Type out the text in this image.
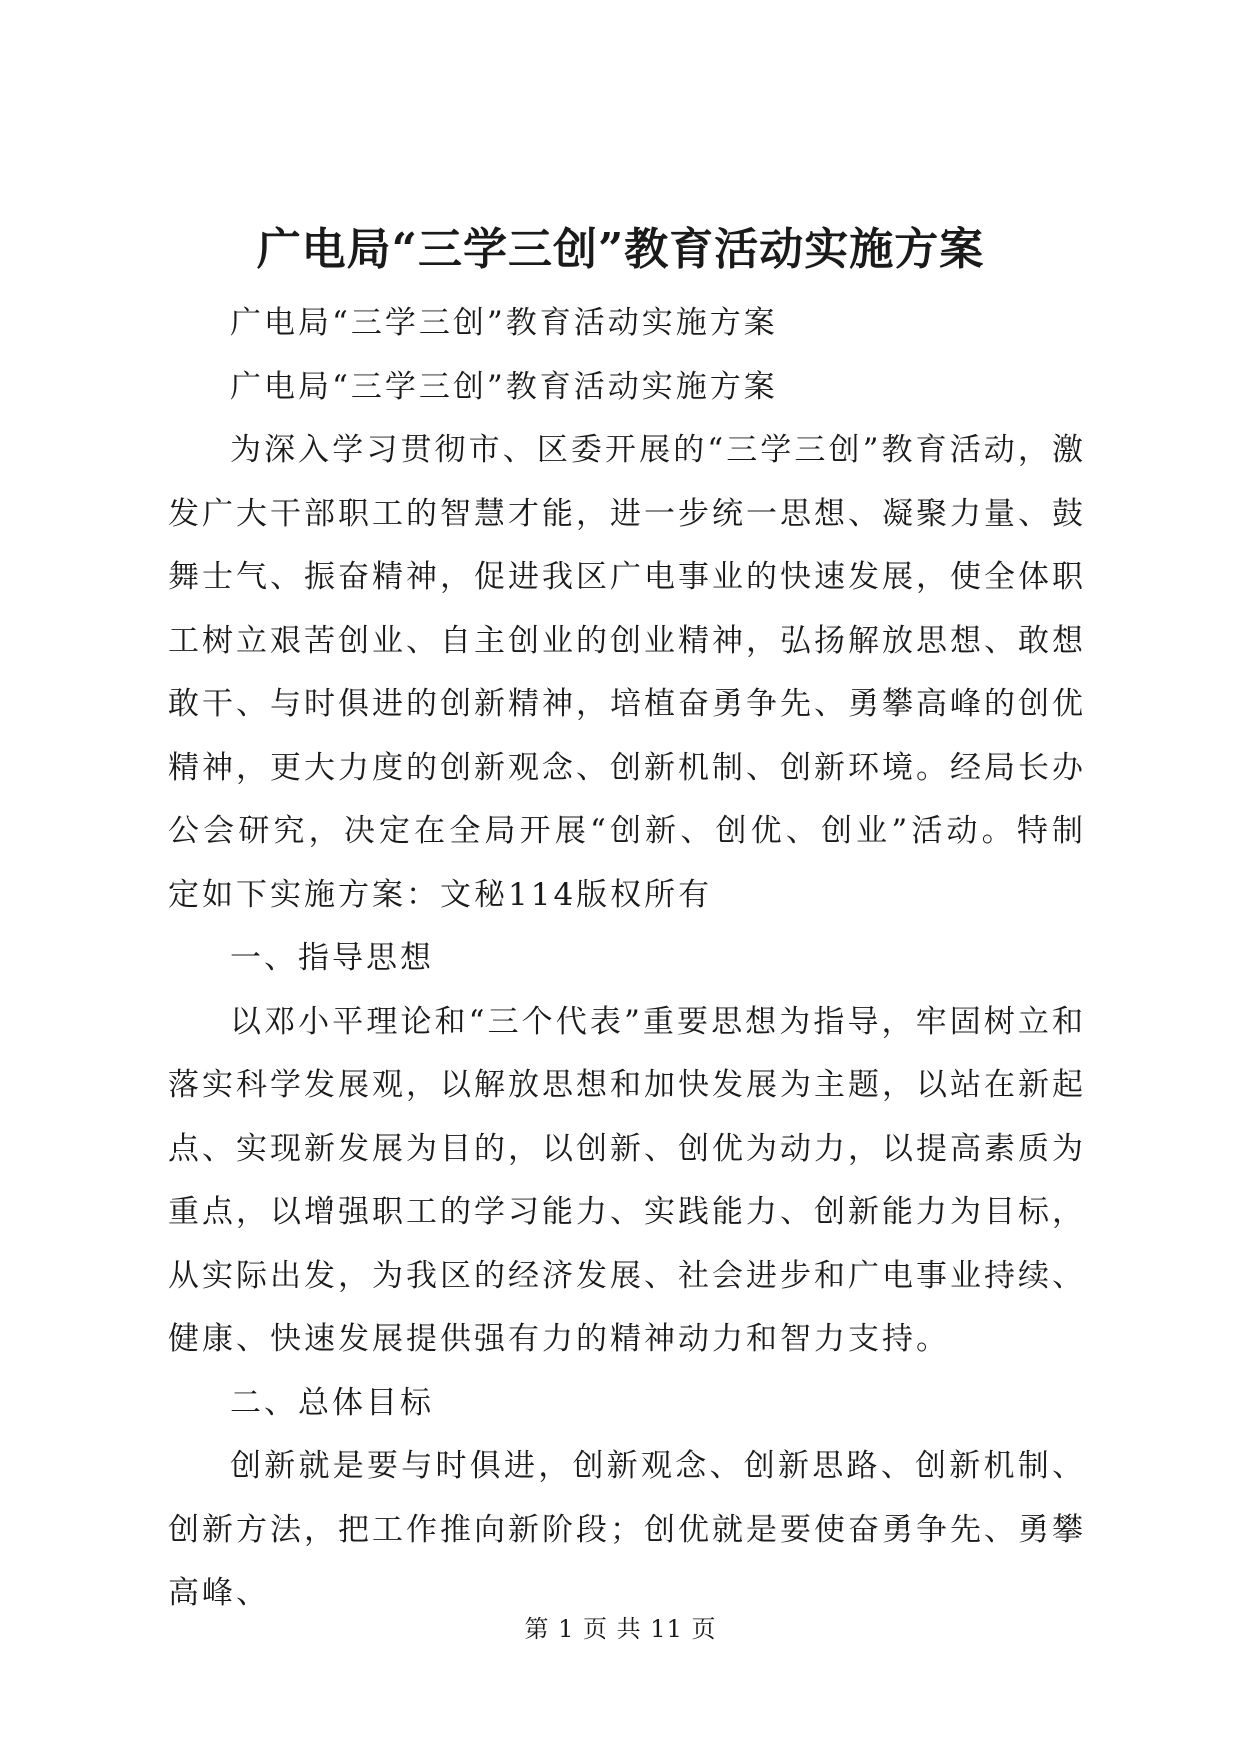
广电局“三学三创”教育活动实施方案

广电局“三学三创”教育活动实施方案

广电局“三学三创”教育活动实施方案

为深入学习贯彻市、区委开展的“三学三创”教育活动，激发广大干部职工的智慧才能，进一步统一思想、凝聚力量、鼓舞士气、振奋精神，促进我区广电事业的快速发展，使全体职工树立艰苦创业、自主创业的创业精神，弘扬解放思想、敢想敢干、与时俱进的创新精神，培植奋勇争先、勇攀高峰的创优精神，更大力度的创新观念、创新机制、创新环境。经局长办公会研究，决定在全局开展“创新、创优、创业”活动。特制定如下实施方案：文秘114版权所有

一、指导思想

以邓小平理论和“三个代表”重要思想为指导，牢固树立和落实科学发展观，以解放思想和加快发展为主题，以站在新起点、实现新发展为目的，以创新、创优为动力，以提高素质为重点，以增强职工的学习能力、实践能力、创新能力为目标，从实际出发，为我区的经济发展、社会进步和广电事业持续、健康、快速发展提供强有力的精神动力和智力支持。

二、总体目标

创新就是要与时俱进，创新观念、创新思路、创新机制、创新方法，把工作推向新阶段；创优就是要使奋勇争先、勇攀高峰、

第 1 页 共 11 页
